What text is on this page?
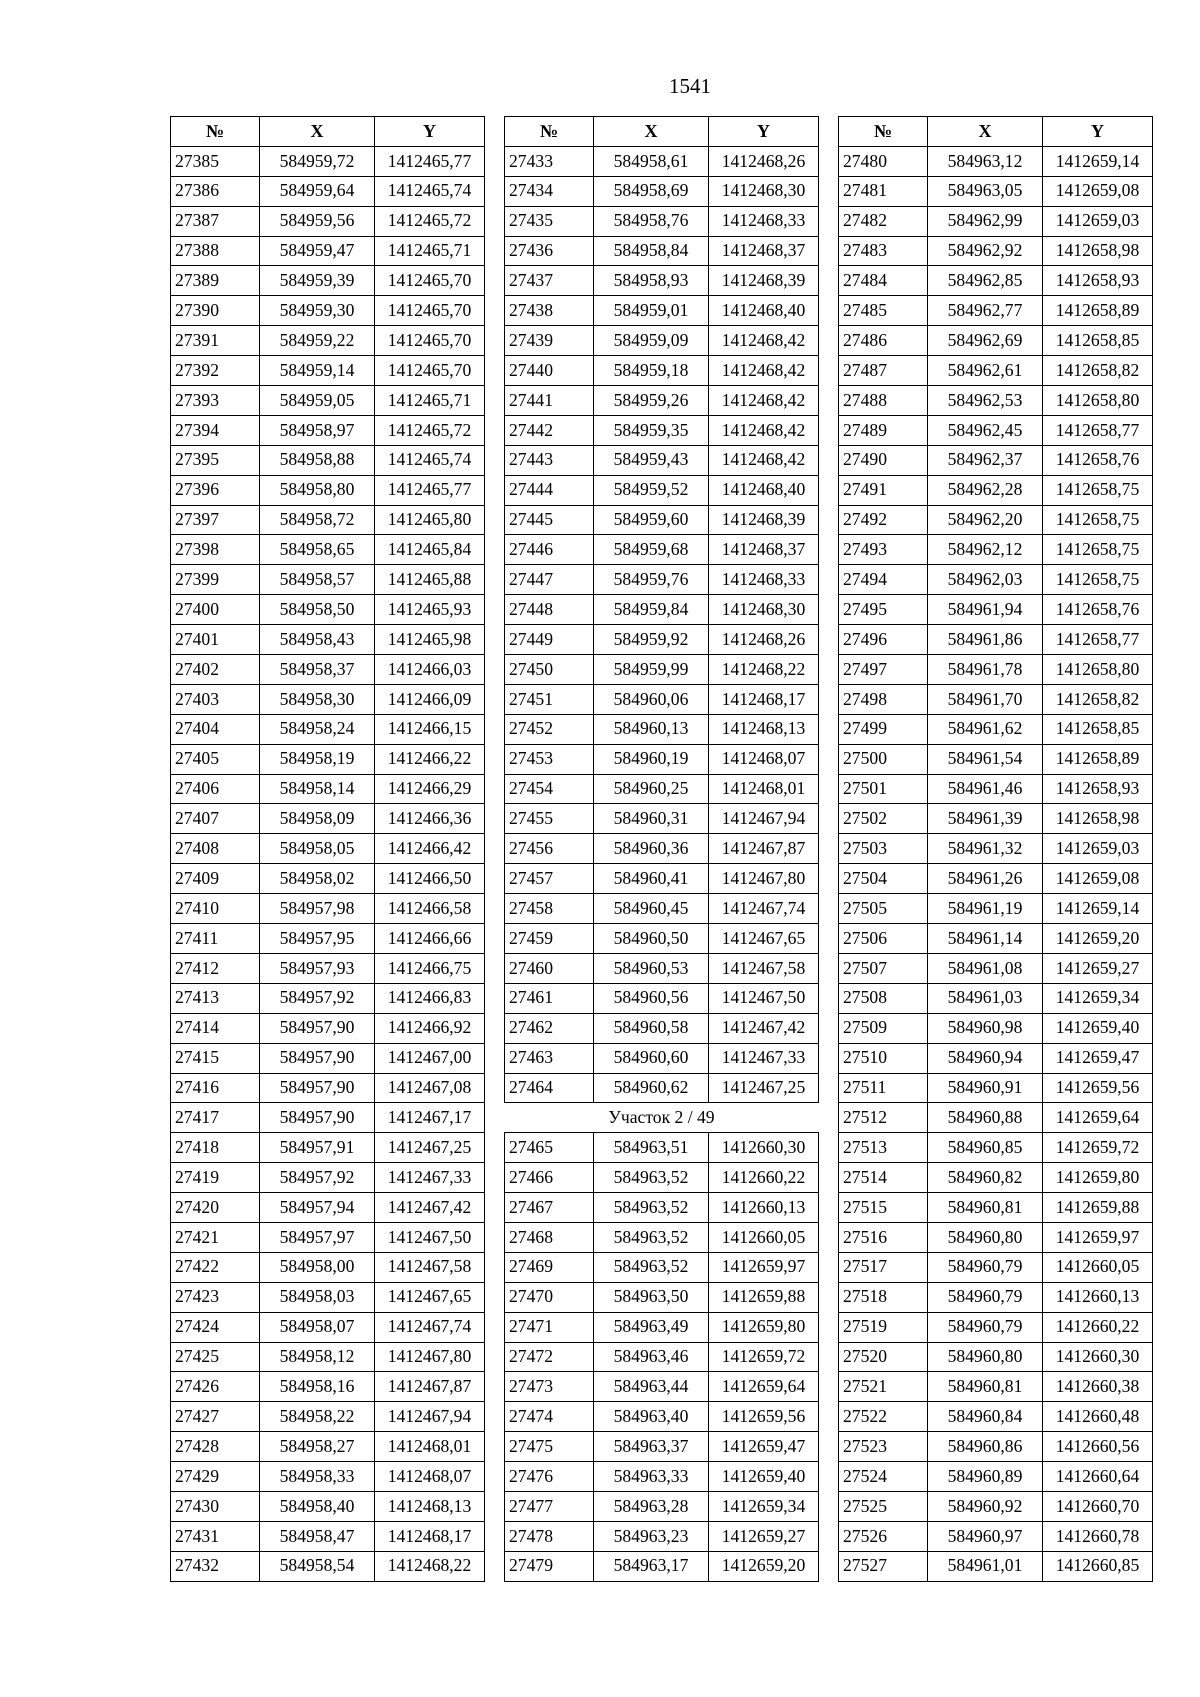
1541
№	X	Y
27385	584959,72	1412465,77
27386	584959,64	1412465,74
27387	584959,56	1412465,72
27388	584959,47	1412465,71
27389	584959,39	1412465,70
27390	584959,30	1412465,70
27391	584959,22	1412465,70
27392	584959,14	1412465,70
27393	584959,05	1412465,71
27394	584958,97	1412465,72
27395	584958,88	1412465,74
27396	584958,80	1412465,77
27397	584958,72	1412465,80
27398	584958,65	1412465,84
27399	584958,57	1412465,88
27400	584958,50	1412465,93
27401	584958,43	1412465,98
27402	584958,37	1412466,03
27403	584958,30	1412466,09
27404	584958,24	1412466,15
27405	584958,19	1412466,22
27406	584958,14	1412466,29
27407	584958,09	1412466,36
27408	584958,05	1412466,42
27409	584958,02	1412466,50
27410	584957,98	1412466,58
27411	584957,95	1412466,66
27412	584957,93	1412466,75
27413	584957,92	1412466,83
27414	584957,90	1412466,92
27415	584957,90	1412467,00
27416	584957,90	1412467,08
27417	584957,90	1412467,17
27418	584957,91	1412467,25
27419	584957,92	1412467,33
27420	584957,94	1412467,42
27421	584957,97	1412467,50
27422	584958,00	1412467,58
27423	584958,03	1412467,65
27424	584958,07	1412467,74
27425	584958,12	1412467,80
27426	584958,16	1412467,87
27427	584958,22	1412467,94
27428	584958,27	1412468,01
27429	584958,33	1412468,07
27430	584958,40	1412468,13
27431	584958,47	1412468,17
27432	584958,54	1412468,22
№	X	Y
27433	584958,61	1412468,26
27434	584958,69	1412468,30
27435	584958,76	1412468,33
27436	584958,84	1412468,37
27437	584958,93	1412468,39
27438	584959,01	1412468,40
27439	584959,09	1412468,42
27440	584959,18	1412468,42
27441	584959,26	1412468,42
27442	584959,35	1412468,42
27443	584959,43	1412468,42
27444	584959,52	1412468,40
27445	584959,60	1412468,39
27446	584959,68	1412468,37
27447	584959,76	1412468,33
27448	584959,84	1412468,30
27449	584959,92	1412468,26
27450	584959,99	1412468,22
27451	584960,06	1412468,17
27452	584960,13	1412468,13
27453	584960,19	1412468,07
27454	584960,25	1412468,01
27455	584960,31	1412467,94
27456	584960,36	1412467,87
27457	584960,41	1412467,80
27458	584960,45	1412467,74
27459	584960,50	1412467,65
27460	584960,53	1412467,58
27461	584960,56	1412467,50
27462	584960,58	1412467,42
27463	584960,60	1412467,33
27464	584960,62	1412467,25
Участок 2 / 49		
27465	584963,51	1412660,30
27466	584963,52	1412660,22
27467	584963,52	1412660,13
27468	584963,52	1412660,05
27469	584963,52	1412659,97
27470	584963,50	1412659,88
27471	584963,49	1412659,80
27472	584963,46	1412659,72
27473	584963,44	1412659,64
27474	584963,40	1412659,56
27475	584963,37	1412659,47
27476	584963,33	1412659,40
27477	584963,28	1412659,34
27478	584963,23	1412659,27
27479	584963,17	1412659,20
№	X	Y
27480	584963,12	1412659,14
27481	584963,05	1412659,08
27482	584962,99	1412659,03
27483	584962,92	1412658,98
27484	584962,85	1412658,93
27485	584962,77	1412658,89
27486	584962,69	1412658,85
27487	584962,61	1412658,82
27488	584962,53	1412658,80
27489	584962,45	1412658,77
27490	584962,37	1412658,76
27491	584962,28	1412658,75
27492	584962,20	1412658,75
27493	584962,12	1412658,75
27494	584962,03	1412658,75
27495	584961,94	1412658,76
27496	584961,86	1412658,77
27497	584961,78	1412658,80
27498	584961,70	1412658,82
27499	584961,62	1412658,85
27500	584961,54	1412658,89
27501	584961,46	1412658,93
27502	584961,39	1412658,98
27503	584961,32	1412659,03
27504	584961,26	1412659,08
27505	584961,19	1412659,14
27506	584961,14	1412659,20
27507	584961,08	1412659,27
27508	584961,03	1412659,34
27509	584960,98	1412659,40
27510	584960,94	1412659,47
27511	584960,91	1412659,56
27512	584960,88	1412659,64
27513	584960,85	1412659,72
27514	584960,82	1412659,80
27515	584960,81	1412659,88
27516	584960,80	1412659,97
27517	584960,79	1412660,05
27518	584960,79	1412660,13
27519	584960,79	1412660,22
27520	584960,80	1412660,30
27521	584960,81	1412660,38
27522	584960,84	1412660,48
27523	584960,86	1412660,56
27524	584960,89	1412660,64
27525	584960,92	1412660,70
27526	584960,97	1412660,78
27527	584961,01	1412660,85
